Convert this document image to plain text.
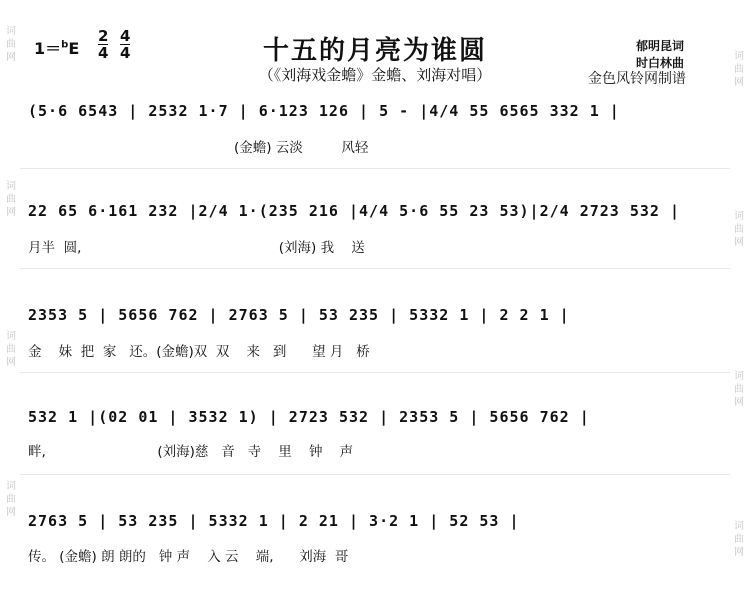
词曲网
词曲网
词曲网
词曲网
词曲网
词曲网
词曲网
词曲网
$1=^bE \frac{2}{4} \frac{4}{4}$	十五的月亮为谁圆
（《刘海戏金蟾》金蟾、刘海对唱）
郁明昆词
时白林曲
金色风铃网制谱
(5·6 6543 | 2532 1·7 | 6·123 126 | 5 - |4/4 55 6565 332 1 |
(金蟾) 云淡         风轻
22 65 6·161 232 |2/4 1·(235 216 |4/4 5·6 55 23 53)|2/4 2723 532 |
月半  圆,                                              (刘海) 我    送
2353 5 | 5656 762 | 2763 5 | 53 235 | 5332 1 | 2 2 1 |
金    妹  把  家   还。(金蟾)双  双    来   到      望 月   桥
532 1 |(02 01 | 3532 1) | 2723 532 | 2353 5 | 5656 762 |
畔,                          (刘海)慈   音   寺    里    钟    声
2763 5 | 53 235 | 5332 1 | 2 21 | 3·2 1 | 52 53 |
传。 (金蟾) 朗 朗的   钟 声    入 云    端,      刘海  哥
